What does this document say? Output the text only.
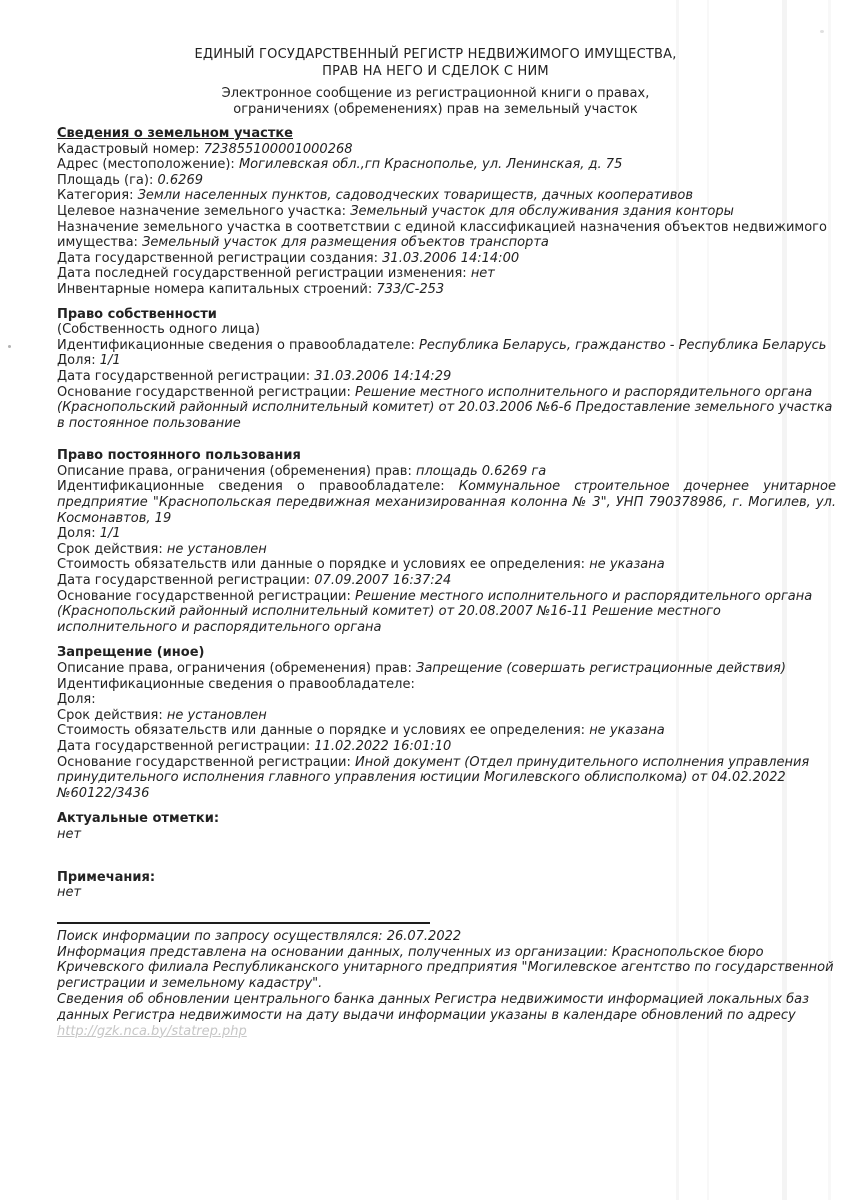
ЕДИНЫЙ ГОСУДАРСТВЕННЫЙ РЕГИСТР НЕДВИЖИМОГО ИМУЩЕСТВА,
ПРАВ НА НЕГО И СДЕЛОК С НИМ
Электронное сообщение из регистрационной книги о правах,
ограничениях (обременениях) прав на земельный участок
Сведения о земельном участке
Кадастровый номер: 723855100001000268
Адрес (местоположение): Могилевская обл.,гп Краснополье, ул. Ленинская, д. 75
Площадь (га): 0.6269
Категория: Земли населенных пунктов, садоводческих товариществ, дачных кооперативов
Целевое назначение земельного участка: Земельный участок для обслуживания здания конторы
Назначение земельного участка в соответствии с единой классификацией назначения объектов недвижимого имущества: Земельный участок для размещения объектов транспорта
Дата государственной регистрации создания: 31.03.2006 14:14:00
Дата последней государственной регистрации изменения: нет
Инвентарные номера капитальных строений: 733/С-253
Право собственности
(Собственность одного лица)
Идентификационные сведения о правообладателе: Республика Беларусь, гражданство - Республика Беларусь
Доля: 1/1
Дата государственной регистрации: 31.03.2006 14:14:29
Основание государственной регистрации: Решение местного исполнительного и распорядительного органа (Краснопольский районный исполнительный комитет) от 20.03.2006 №6-6 Предоставление земельного участка в постоянное пользование
Право постоянного пользования
Описание права, ограничения (обременения) прав: площадь 0.6269 га
Идентификационные сведения о правообладателе: Коммунальное строительное дочернее унитарное предприятие "Краснопольская передвижная механизированная колонна № 3", УНП 790378986, г. Могилев, ул. Космонавтов, 19
Доля: 1/1
Срок действия: не установлен
Стоимость обязательств или данные о порядке и условиях ее определения: не указана
Дата государственной регистрации: 07.09.2007 16:37:24
Основание государственной регистрации: Решение местного исполнительного и распорядительного органа (Краснопольский районный исполнительный комитет) от 20.08.2007 №16-11 Решение местного исполнительного и распорядительного органа
Запрещение (иное)
Описание права, ограничения (обременения) прав: Запрещение (совершать регистрационные действия)
Идентификационные сведения о правообладателе:
Доля:
Срок действия: не установлен
Стоимость обязательств или данные о порядке и условиях ее определения: не указана
Дата государственной регистрации: 11.02.2022 16:01:10
Основание государственной регистрации: Иной документ (Отдел принудительного исполнения управления принудительного исполнения главного управления юстиции Могилевского облисполкома) от 04.02.2022 №60122/3436
Актуальные отметки:
нет
Примечания:
нет
Поиск информации по запросу осуществлялся: 26.07.2022
Информация представлена на основании данных, полученных из организации: Краснопольское бюро Кричевского филиала Республиканского унитарного предприятия "Могилевское агентство по государственной регистрации и земельному кадастру".
Сведения об обновлении центрального банка данных Регистра недвижимости информацией локальных баз данных Регистра недвижимости на дату выдачи информации указаны в календаре обновлений по адресу
http://gzk.nca.by/statrep.php
